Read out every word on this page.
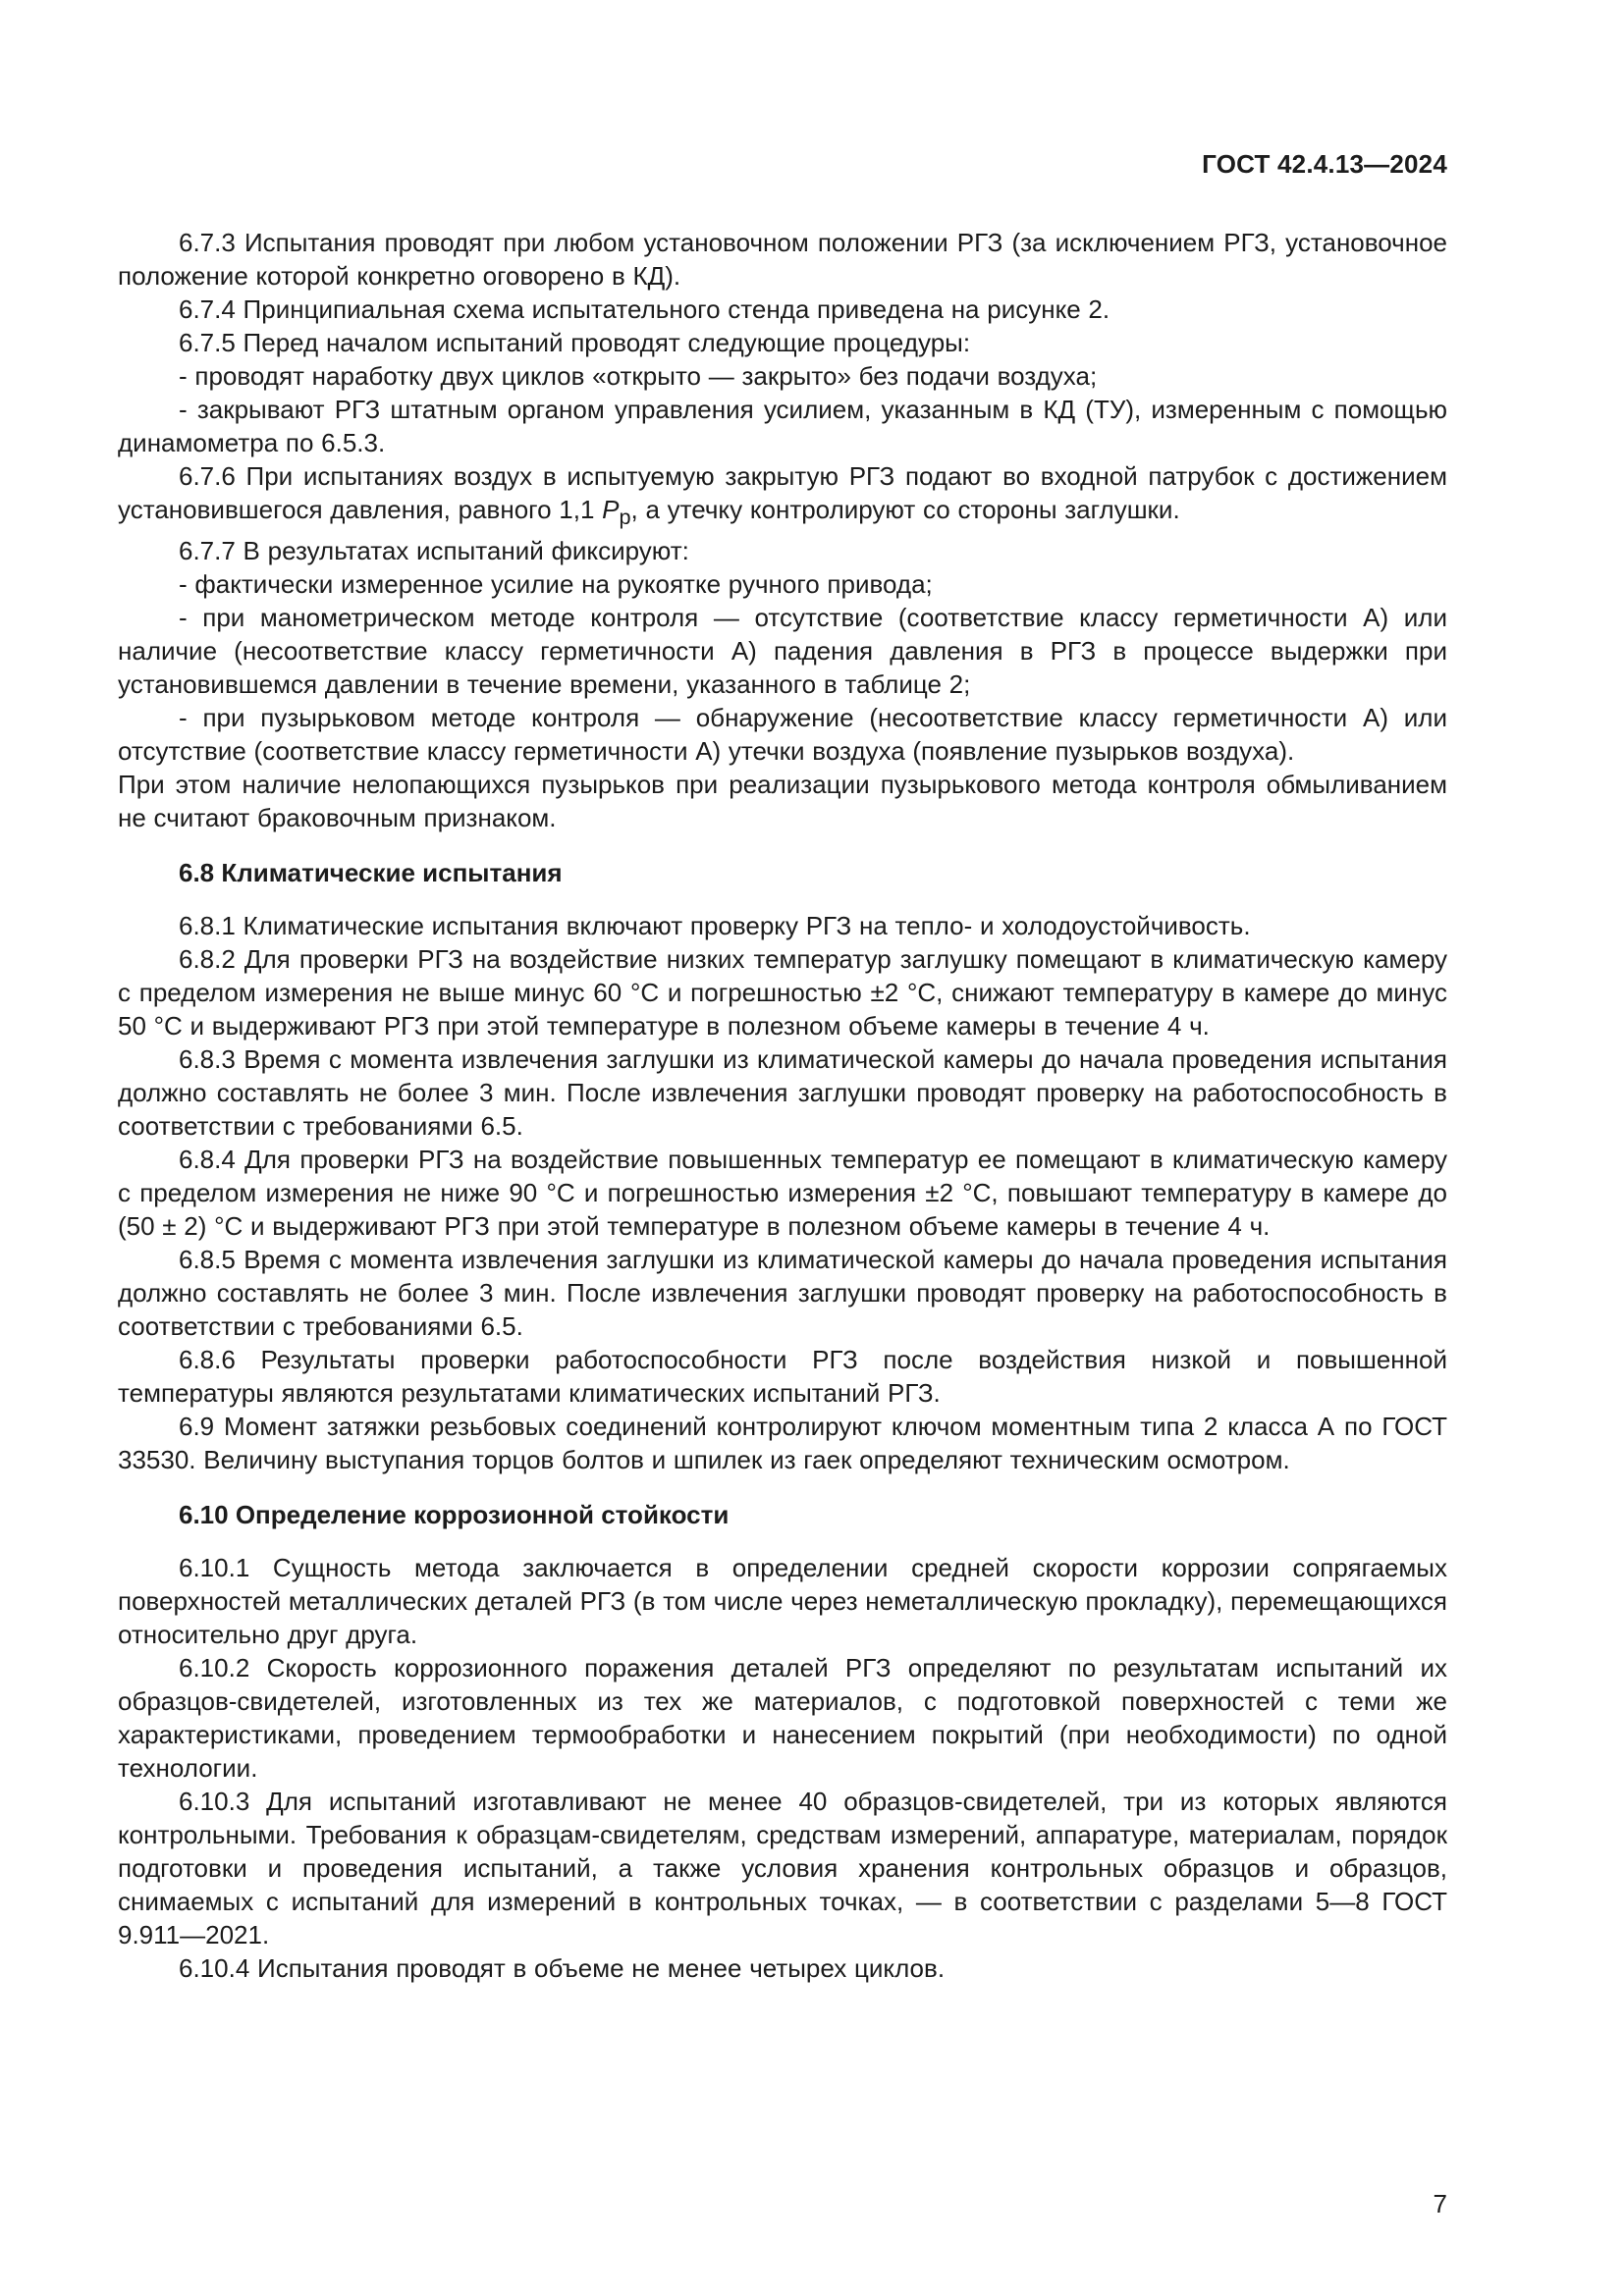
ГОСТ 42.4.13—2024

6.7.3 Испытания проводят при любом установочном положении РГЗ (за исключением РГЗ, установочное положение которой конкретно оговорено в КД).

6.7.4 Принципиальная схема испытательного стенда приведена на рисунке 2.

6.7.5 Перед началом испытаний проводят следующие процедуры:

- проводят наработку двух циклов «открыто — закрыто» без подачи воздуха;

- закрывают РГЗ штатным органом управления усилием, указанным в КД (ТУ), измеренным с помощью динамометра по 6.5.3.

6.7.6 При испытаниях воздух в испытуемую закрытую РГЗ подают во входной патрубок с достижением установившегося давления, равного 1,1 $P_р$, а утечку контролируют со стороны заглушки.

6.7.7 В результатах испытаний фиксируют:

- фактически измеренное усилие на рукоятке ручного привода;

- при манометрическом методе контроля — отсутствие (соответствие классу герметичности А) или наличие (несоответствие классу герметичности А) падения давления в РГЗ в процессе выдержки при установившемся давлении в течение времени, указанного в таблице 2;

- при пузырьковом методе контроля — обнаружение (несоответствие классу герметичности А) или отсутствие (соответствие классу герметичности А) утечки воздуха (появление пузырьков воздуха).

При этом наличие нелопающихся пузырьков при реализации пузырькового метода контроля обмыливанием не считают браковочным признаком.

6.8 Климатические испытания

6.8.1 Климатические испытания включают проверку РГЗ на тепло- и холодоустойчивость.

6.8.2 Для проверки РГЗ на воздействие низких температур заглушку помещают в климатическую камеру с пределом измерения не выше минус 60 °С и погрешностью ±2 °С, снижают температуру в камере до минус 50 °С и выдерживают РГЗ при этой температуре в полезном объеме камеры в течение 4 ч.

6.8.3 Время с момента извлечения заглушки из климатической камеры до начала проведения испытания должно составлять не более 3 мин. После извлечения заглушки проводят проверку на работоспособность в соответствии с требованиями 6.5.

6.8.4 Для проверки РГЗ на воздействие повышенных температур ее помещают в климатическую камеру с пределом измерения не ниже 90 °С и погрешностью измерения ±2 °С, повышают температуру в камере до (50 ± 2) °С и выдерживают РГЗ при этой температуре в полезном объеме камеры в течение 4 ч.

6.8.5 Время с момента извлечения заглушки из климатической камеры до начала проведения испытания должно составлять не более 3 мин. После извлечения заглушки проводят проверку на работоспособность в соответствии с требованиями 6.5.

6.8.6 Результаты проверки работоспособности РГЗ после воздействия низкой и повышенной температуры являются результатами климатических испытаний РГЗ.

6.9 Момент затяжки резьбовых соединений контролируют ключом моментным типа 2 класса А по ГОСТ 33530. Величину выступания торцов болтов и шпилек из гаек определяют техническим осмотром.

6.10 Определение коррозионной стойкости

6.10.1 Сущность метода заключается в определении средней скорости коррозии сопрягаемых поверхностей металлических деталей РГЗ (в том числе через неметаллическую прокладку), перемещающихся относительно друг друга.

6.10.2 Скорость коррозионного поражения деталей РГЗ определяют по результатам испытаний их образцов-свидетелей, изготовленных из тех же материалов, с подготовкой поверхностей с теми же характеристиками, проведением термообработки и нанесением покрытий (при необходимости) по одной технологии.

6.10.3 Для испытаний изготавливают не менее 40 образцов-свидетелей, три из которых являются контрольными. Требования к образцам-свидетелям, средствам измерений, аппаратуре, материалам, порядок подготовки и проведения испытаний, а также условия хранения контрольных образцов и образцов, снимаемых с испытаний для измерений в контрольных точках, — в соответствии с разделами 5—8 ГОСТ 9.911—2021.

6.10.4 Испытания проводят в объеме не менее четырех циклов.

7
